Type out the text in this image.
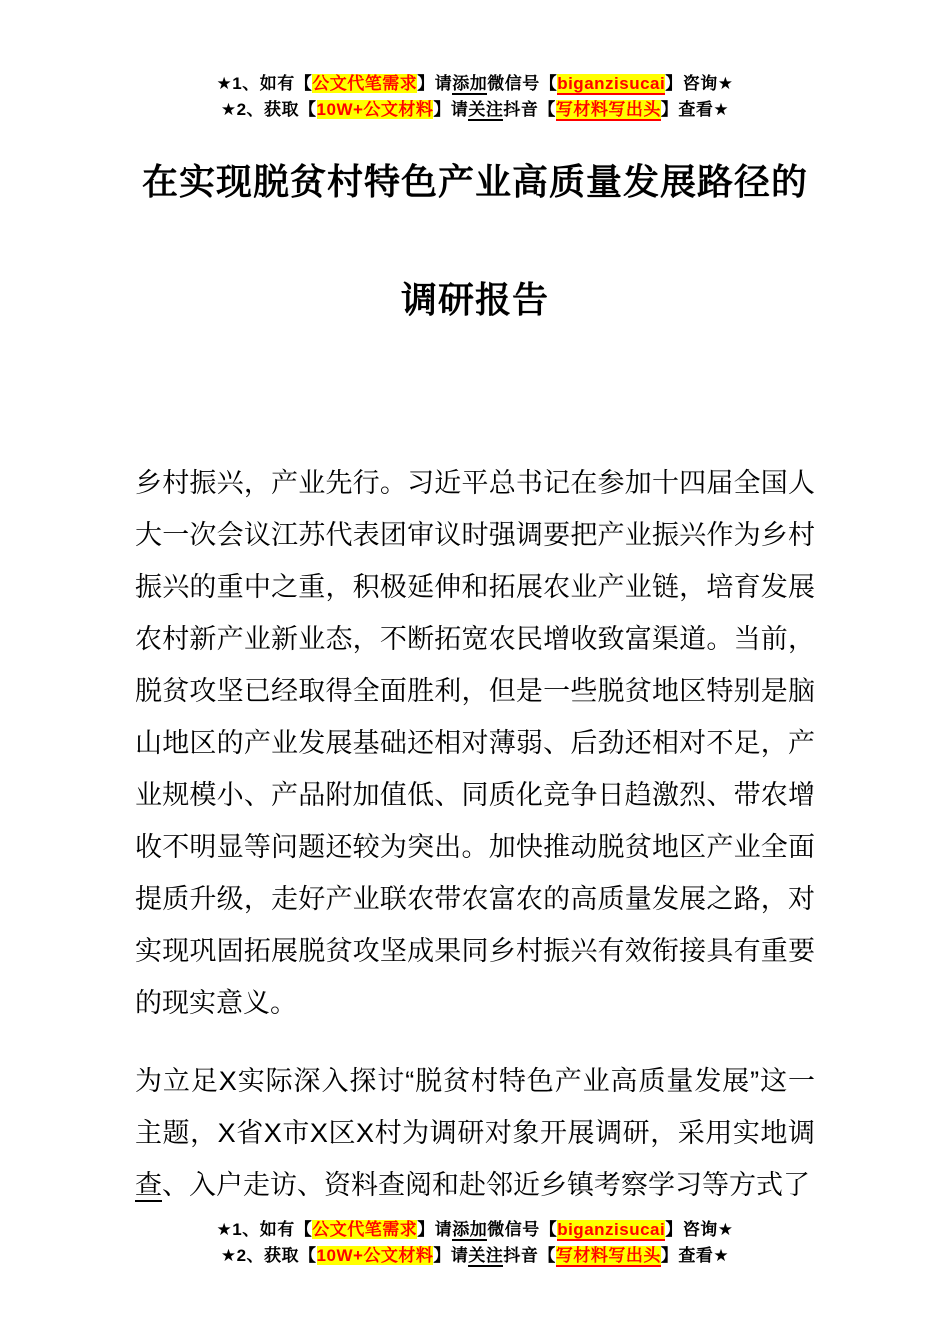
★1、如有【公文代笔需求】请添加微信号【biganzisucai】咨询★
★2、获取【10W+公文材料】请关注抖音【写材料写出头】查看★
在实现脱贫村特色产业高质量发展路径的
调研报告

乡村振兴，产业先行。习近平总书记在参加十四届全国人大一次会议江苏代表团审议时强调要把产业振兴作为乡村振兴的重中之重，积极延伸和拓展农业产业链，培育发展农村新产业新业态，不断拓宽农民增收致富渠道。当前，脱贫攻坚已经取得全面胜利，但是一些脱贫地区特别是脑山地区的产业发展基础还相对薄弱、后劲还相对不足，产业规模小、产品附加值低、同质化竞争日趋激烈、带农增收不明显等问题还较为突出。加快推动脱贫地区产业全面提质升级，走好产业联农带农富农的高质量发展之路，对实现巩固拓展脱贫攻坚成果同乡村振兴有效衔接具有重要的现实意义。

为立足X实际深入探讨“脱贫村特色产业高质量发展”这一主题，X省X市X区X村为调研对象开展调研，采用实地调查、入户走访、资料查阅和赴邻近乡镇考察学习等方式了

★1、如有【公文代笔需求】请添加微信号【biganzisucai】咨询★
★2、获取【10W+公文材料】请关注抖音【写材料写出头】查看★
